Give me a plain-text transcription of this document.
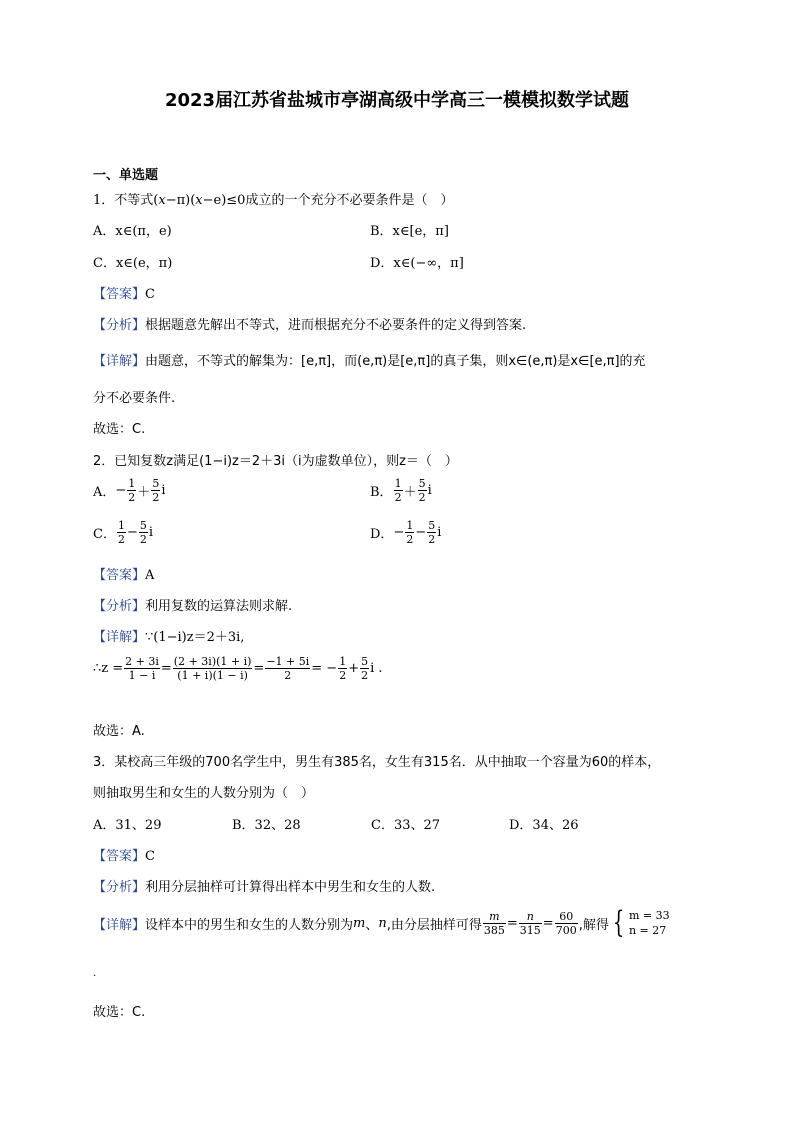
2023届江苏省盐城市亭湖高级中学高三一模模拟数学试题
一、单选题
1．不等式(x−π)(x−e)≤0成立的一个充分不必要条件是（　）
A．x∈(π，e)	B．x∈[e，π]
C．x∈(e，π)	D．x∈(−∞，π]
【答案】C
【分析】根据题意先解出不等式，进而根据充分不必要条件的定义得到答案.
【详解】由题意，不等式的解集为：[e,π]，而(e,π)是[e,π]的真子集，则x∈(e,π)是x∈[e,π]的充
分不必要条件.
故选：C.
2．已知复数z满足(1−i)z＝2＋3i（i为虚数单位），则z＝（　）
A． − $\frac{1}{2} + \frac{5}{2}$ i	B． $\frac{1}{2} + \frac{5}{2}$ i
C． $\frac{1}{2} - \frac{5}{2}$ i	D． − $\frac{1}{2} - \frac{5}{2}$ i
【答案】A
【分析】利用复数的运算法则求解.
【详解】∵(1−i)z＝2＋3i,
∴z = $\frac{2 + 3i}{1 - i} = \frac{(2 + 3i)(1 + i)}{(1 + i)(1 - i)} = \frac{-1 + 5i}{2}$ = − $\frac{1}{2} + \frac{5}{2}$ i .
故选：A.
3．某校高三年级的700名学生中，男生有385名，女生有315名．从中抽取一个容量为60的样本，
则抽取男生和女生的人数分别为（　）
A．31、29	B．32、28	C．33、27	D．34、26
【答案】C
【分析】利用分层抽样可计算得出样本中男生和女生的人数.
【详解】 设样本中的男生和女生的人数分别为 m 、 n ,由分层抽样可得 $\frac{m}{385} = \frac{n}{315} = \frac{60}{700}$ ,解得 { m = 33
n = 27
.
故选：C.
